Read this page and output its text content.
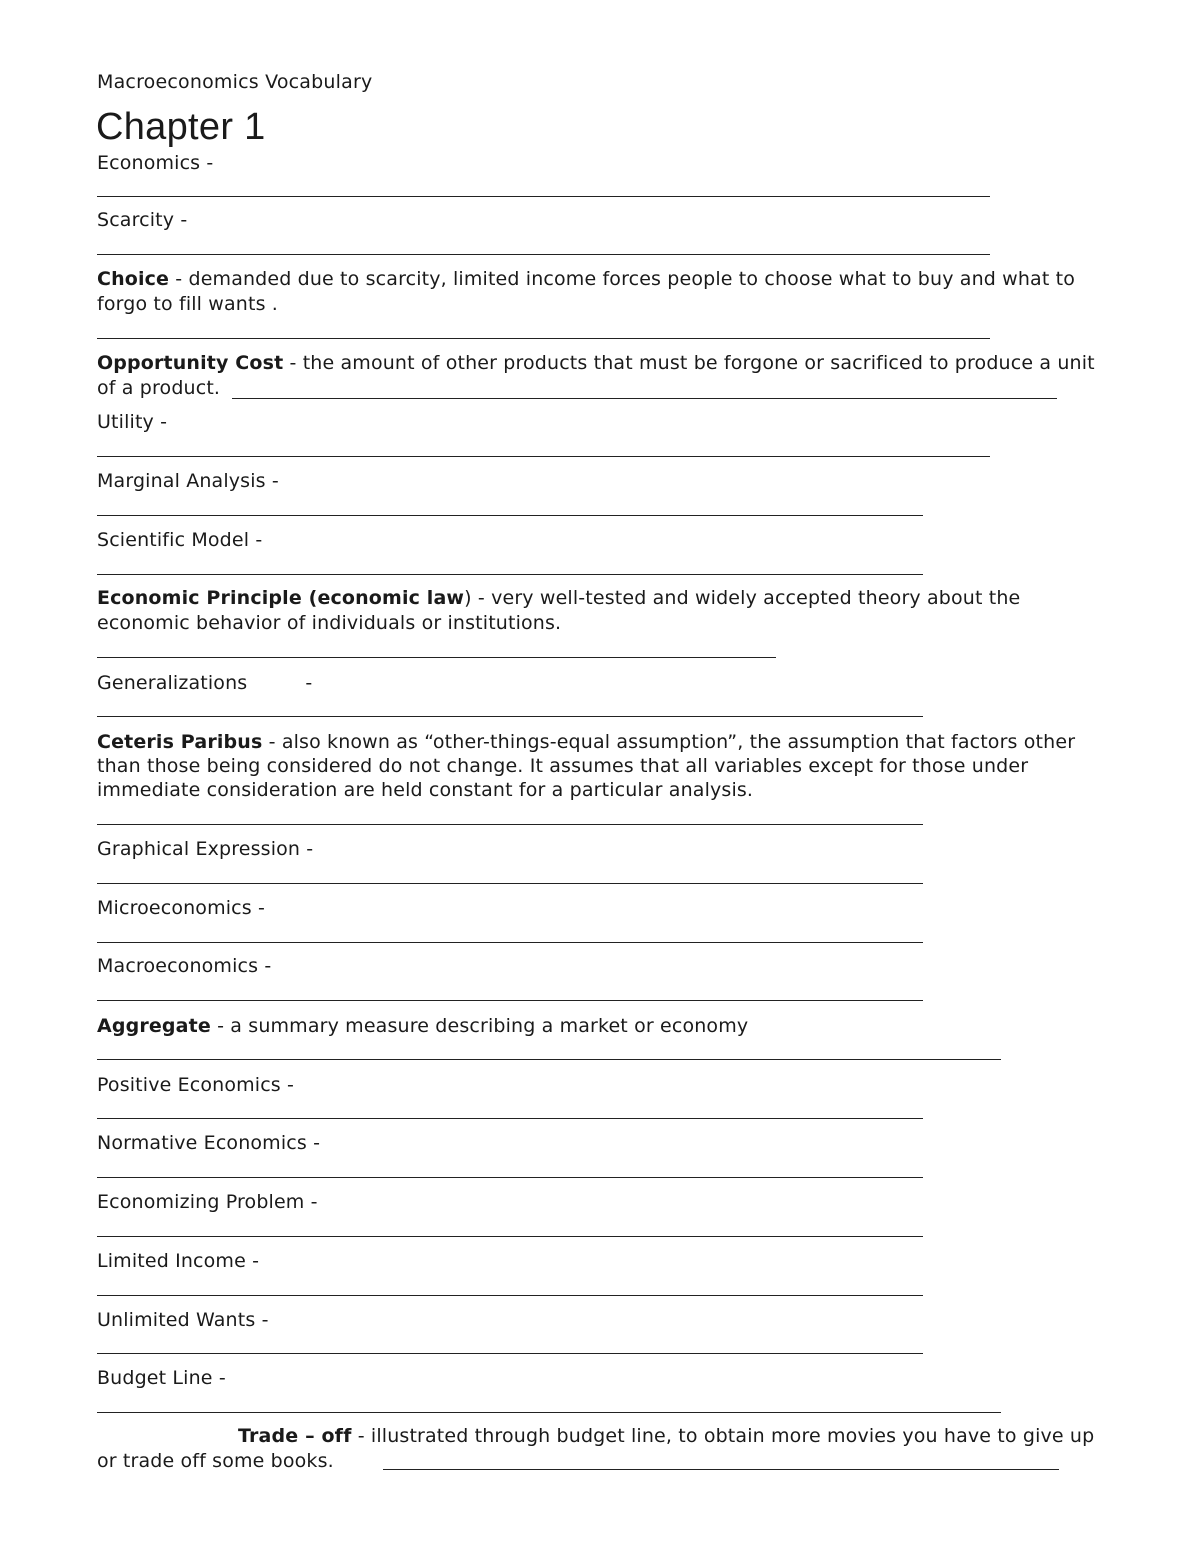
Macroeconomics Vocabulary
Chapter 1
Economics -
Scarcity -
Choice - demanded due to scarcity, limited income forces people to choose what to buy and what to forgo to fill wants .
Opportunity Cost - the amount of other products that must be forgone or sacrificed to produce a unit of a product.
Utility -
Marginal Analysis -
Scientific Model -
Economic Principle (economic law) - very well-tested and widely accepted theory about the economic behavior of individuals or institutions.
Generalizations	-
Ceteris Paribus - also known as “other-things-equal assumption”, the assumption that factors other than those being considered do not change. It assumes that all variables except for those under immediate consideration are held constant for a particular analysis.
Graphical Expression -
Microeconomics -
Macroeconomics -
Aggregate - a summary measure describing a market or economy
Positive Economics -
Normative Economics -
Economizing Problem -
Limited Income -
Unlimited Wants -
Budget Line -
Trade – off - illustrated through budget line, to obtain more movies you have to give up or trade off some books.
